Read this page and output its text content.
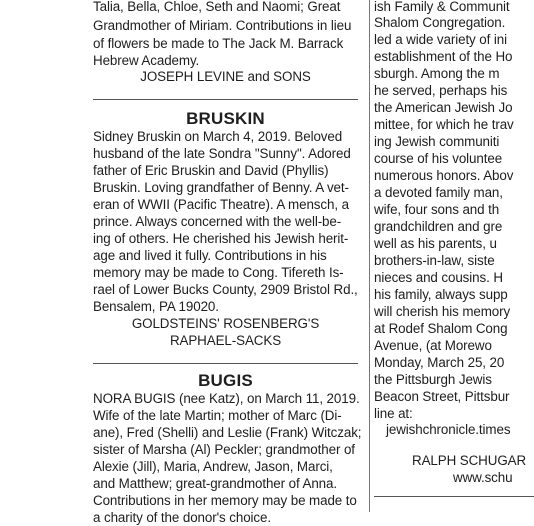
Talia, Bella, Chloe, Seth and Naomi; Great
Grandmother of Miriam. Contributions in lieu
of flowers be made to The Jack M. Barrack
Hebrew Academy.
JOSEPH LEVINE and SONS
BRUSKIN
Sidney Bruskin on March 4, 2019. Beloved
husband of the late Sondra "Sunny". Adored
father of Eric Bruskin and David (Phyllis)
Bruskin. Loving grandfather of Benny. A vet-
eran of WWII (Pacific Theatre). A mensch, a
prince. Always concerned with the well-be-
ing of others. He cherished his Jewish herit-
age and lived it fully. Contributions in his
memory may be made to Cong. Tifereth Is-
rael of Lower Bucks County, 2909 Bristol Rd.,
Bensalem, PA 19020.
GOLDSTEINS' ROSENBERG'S
RAPHAEL-SACKS
BUGIS
NORA BUGIS (nee Katz), on March 11, 2019.
Wife of the late Martin; mother of Marc (Di-
ane), Fred (Shelli) and Leslie (Frank) Witczak;
sister of Marsha (Al) Peckler; grandmother of
Alexie (Jill), Maria, Andrew, Jason, Marci,
and Matthew; great-grandmother of Anna.
Contributions in her memory may be made to
a charity of the donor's choice.
ish Family & Communit
Shalom Congregation.
led a wide variety of ini
establishment of the Ho
sburgh. Among the m
he served, perhaps his
the American Jewish Jo
mittee, for which he trav
ing Jewish communiti
course of his voluntee
numerous honors. Abov
a devoted family man,
wife, four sons and th
grandchildren and gre
well as his parents, u
brothers-in-law, siste
nieces and cousins. H
his family, always supp
will cherish his memory
at Rodef Shalom Cong
Avenue, (at Morewo
Monday, March 25, 20
the Pittsburgh Jewis
Beacon Street, Pittsbur
line at:
jewishchronicle.times
RALPH SCHUGAR
www.schu
